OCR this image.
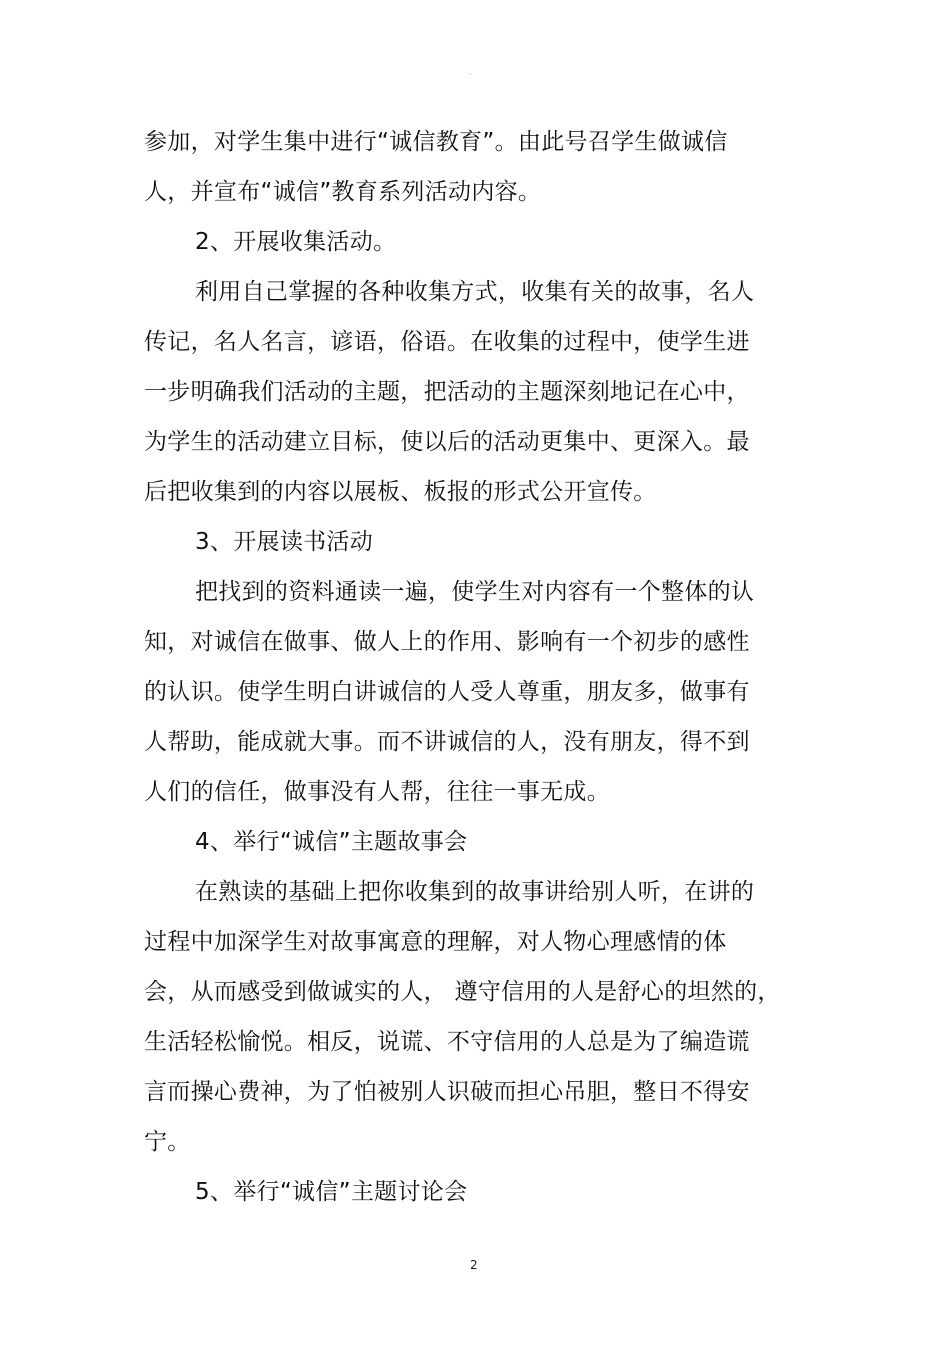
·
参加，对学生集中进行“诚信教育”。由此号召学生做诚信
人，并宣布“诚信”教育系列活动内容。
2、开展收集活动。
利用自己掌握的各种收集方式，收集有关的故事，名人
传记，名人名言，谚语，俗语。在收集的过程中，使学生进
一步明确我们活动的主题，把活动的主题深刻地记在心中，
为学生的活动建立目标，使以后的活动更集中、更深入。最
后把收集到的内容以展板、板报的形式公开宣传。
3、开展读书活动
把找到的资料通读一遍，使学生对内容有一个整体的认
知，对诚信在做事、做人上的作用、影响有一个初步的感性
的认识。使学生明白讲诚信的人受人尊重，朋友多，做事有
人帮助，能成就大事。而不讲诚信的人，没有朋友，得不到
人们的信任，做事没有人帮，往往一事无成。
4、举行“诚信”主题故事会
在熟读的基础上把你收集到的故事讲给别人听，在讲的
过程中加深学生对故事寓意的理解，对人物心理感情的体
会，从而感受到做诚实的人， 遵守信用的人是舒心的坦然的，
生活轻松愉悦。相反，说谎、不守信用的人总是为了编造谎
言而操心费神，为了怕被别人识破而担心吊胆，整日不得安
宁。
5、举行“诚信”主题讨论会
2
